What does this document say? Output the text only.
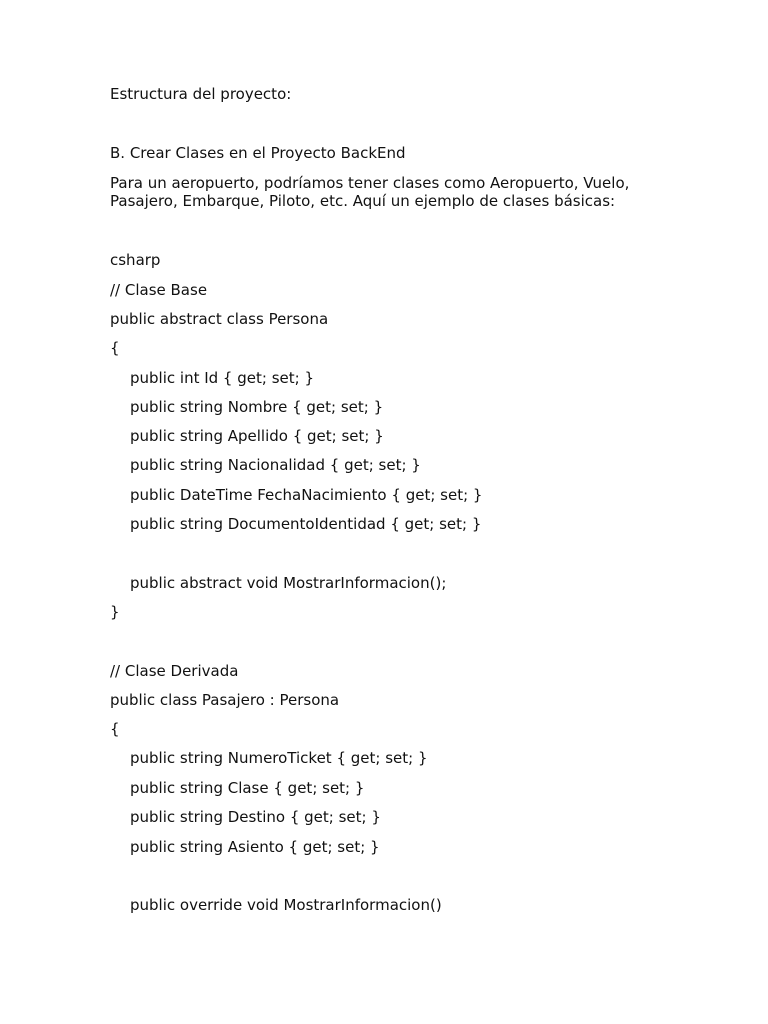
Estructura del proyecto:
B. Crear Clases en el Proyecto BackEnd
Para un aeropuerto, podríamos tener clases como Aeropuerto, Vuelo,
Pasajero, Embarque, Piloto, etc. Aquí un ejemplo de clases básicas:
csharp
// Clase Base
public abstract class Persona
{
public int Id { get; set; }
public string Nombre { get; set; }
public string Apellido { get; set; }
public string Nacionalidad { get; set; }
public DateTime FechaNacimiento { get; set; }
public string DocumentoIdentidad { get; set; }
public abstract void MostrarInformacion();
}
// Clase Derivada
public class Pasajero : Persona
{
public string NumeroTicket { get; set; }
public string Clase { get; set; }
public string Destino { get; set; }
public string Asiento { get; set; }
public override void MostrarInformacion()
